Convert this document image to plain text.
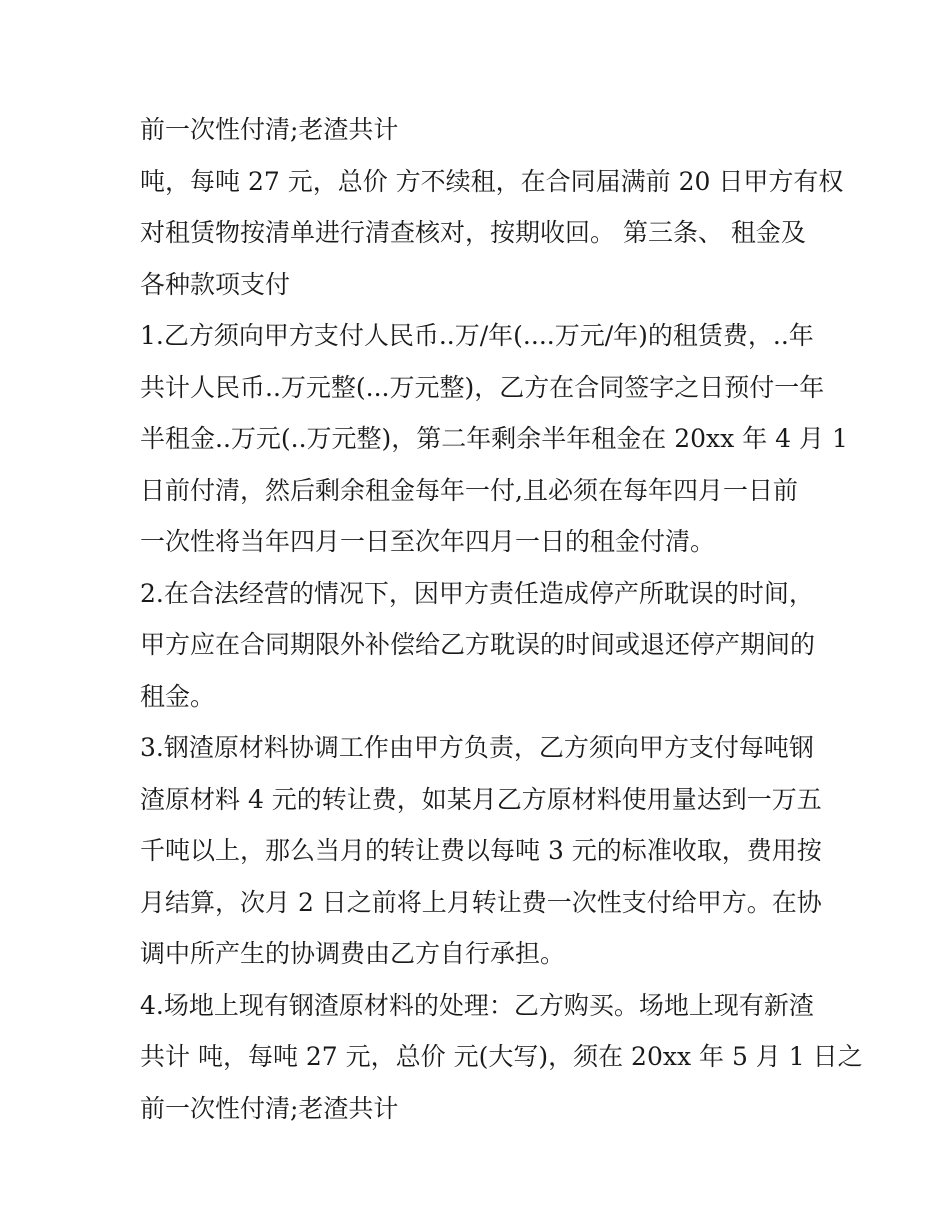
前一次性付清;老渣共计
吨，每吨 27 元，总价 方不续租，在合同届满前 20 日甲方有权
对租赁物按清单进行清查核对，按期收回。 第三条、 租金及
各种款项支付
1.乙方须向甲方支付人民币..万/年(....万元/年)的租赁费，..年
共计人民币..万元整(...万元整)，乙方在合同签字之日预付一年
半租金..万元(..万元整)，第二年剩余半年租金在 20xx 年 4 月 1
日前付清，然后剩余租金每年一付,且必须在每年四月一日前
一次性将当年四月一日至次年四月一日的租金付清。
2.在合法经营的情况下，因甲方责任造成停产所耽误的时间，
甲方应在合同期限外补偿给乙方耽误的时间或退还停产期间的
租金。
3.钢渣原材料协调工作由甲方负责，乙方须向甲方支付每吨钢
渣原材料 4 元的转让费，如某月乙方原材料使用量达到一万五
千吨以上，那么当月的转让费以每吨 3 元的标准收取，费用按
月结算，次月 2 日之前将上月转让费一次性支付给甲方。在协
调中所产生的协调费由乙方自行承担。
4.场地上现有钢渣原材料的处理：乙方购买。场地上现有新渣
共计 吨，每吨 27 元，总价 元(大写)，须在 20xx 年 5 月 1 日之
前一次性付清;老渣共计
